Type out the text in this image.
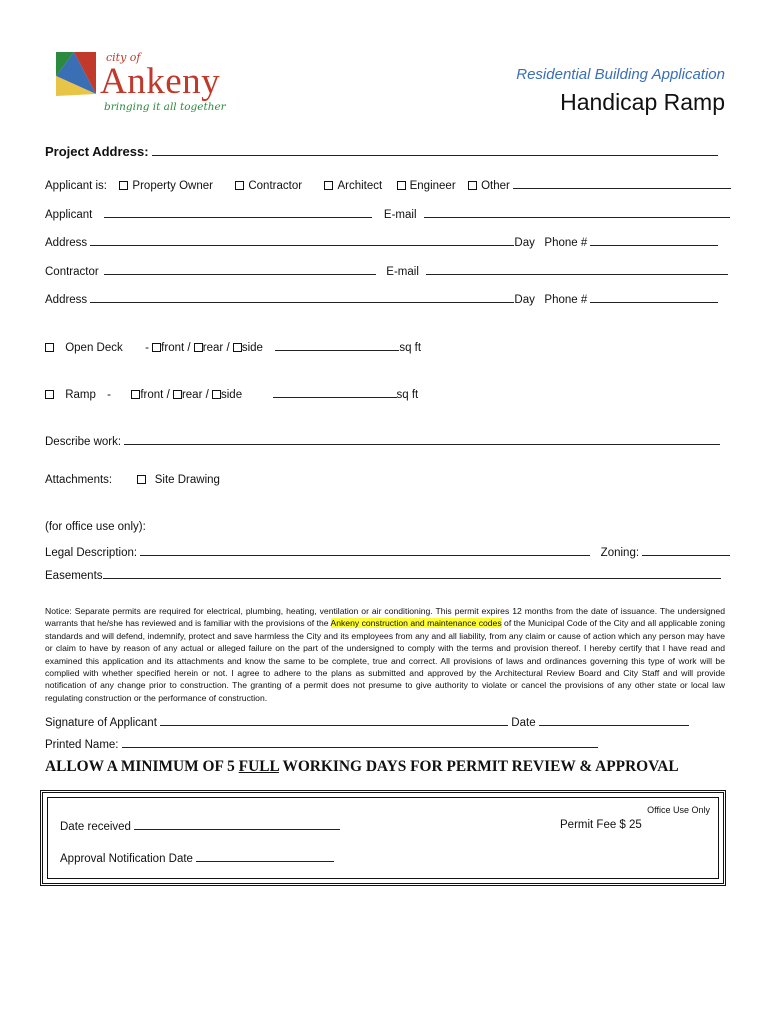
city of
Ankeny
bringing it all together
Residential Building Application
Handicap Ramp
Project Address:
Applicant is: Property Owner	Contractor	Architect Engineer Other
Applicant	E-mail
Address	Day   Phone #
Contractor	E-mail
Address	Day   Phone #
Open Deck - front / rear / side	sq ft
Ramp -	front / rear / side	sq ft
Describe work:
Attachments:	Site Drawing
(for office use only):
Legal Description:	Zoning:
Easements
Notice: Separate permits are required for electrical, plumbing, heating, ventilation or air conditioning. This permit expires 12 months from the date of issuance. The undersigned warrants that he/she has reviewed and is familiar with the provisions of the Ankeny construction and maintenance codes of the Municipal Code of the City and all applicable zoning standards and will defend, indemnify, protect and save harmless the City and its employees from any and all liability, from any claim or cause of action which any person may have or claim to have by reason of any actual or alleged failure on the part of the undersigned to comply with the terms and provision thereof. I hereby certify that I have read and examined this application and its attachments and know the same to be complete, true and correct. All provisions of laws and ordinances governing this type of work will be complied with whether specified herein or not. I agree to adhere to the plans as submitted and approved by the Architectural Review Board and City Staff and will provide notification of any change prior to construction. The granting of a permit does not presume to give authority to violate or cancel the provisions of any other state or local law regulating construction or the performance of construction.
Signature of Applicant	Date
Printed Name:
ALLOW A MINIMUM OF 5 FULL WORKING DAYS FOR PERMIT REVIEW & APPROVAL
Office Use Only
Date received	Permit Fee $ 25
Approval Notification Date
